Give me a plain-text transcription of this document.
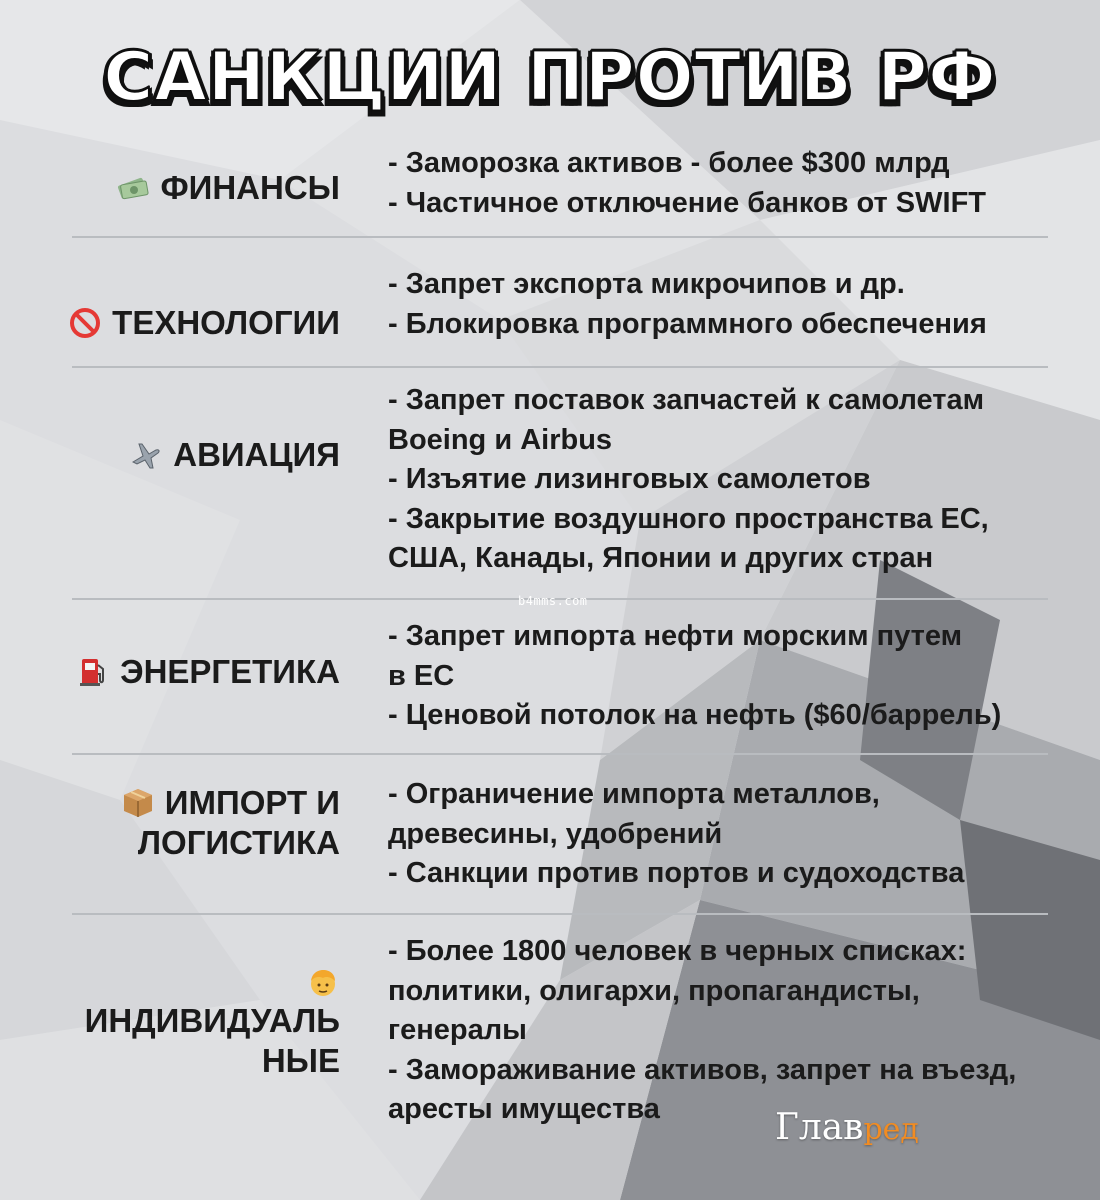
САНКЦИИ ПРОТИВ РФ
ФИНАНСЫ
- Заморозка активов - более $300 млрд
- Частичное отключение банков от SWIFT
ТЕХНОЛОГИИ
- Запрет экспорта микрочипов и др.
- Блокировка программного обеспечения
АВИАЦИЯ
- Запрет поставок запчастей к самолетам
Boeing и Airbus
- Изъятие лизинговых самолетов
- Закрытие воздушного пространства ЕС,
США, Канады, Японии и других стран
ЭНЕРГЕТИКА
- Запрет импорта нефти морским путем
в ЕС
- Ценовой потолок на нефть ($60/баррель)
ИМПОРТ И
ЛОГИСТИКА
- Ограничение импорта металлов,
древесины, удобрений
- Санкции против портов и судоходства
ИНДИВИДУАЛЬ
НЫЕ
- Более 1800 человек в черных списках:
политики, олигархи, пропагандисты,
генералы
- Замораживание активов, запрет на въезд,
аресты имущества
b4mms.com
Главред
